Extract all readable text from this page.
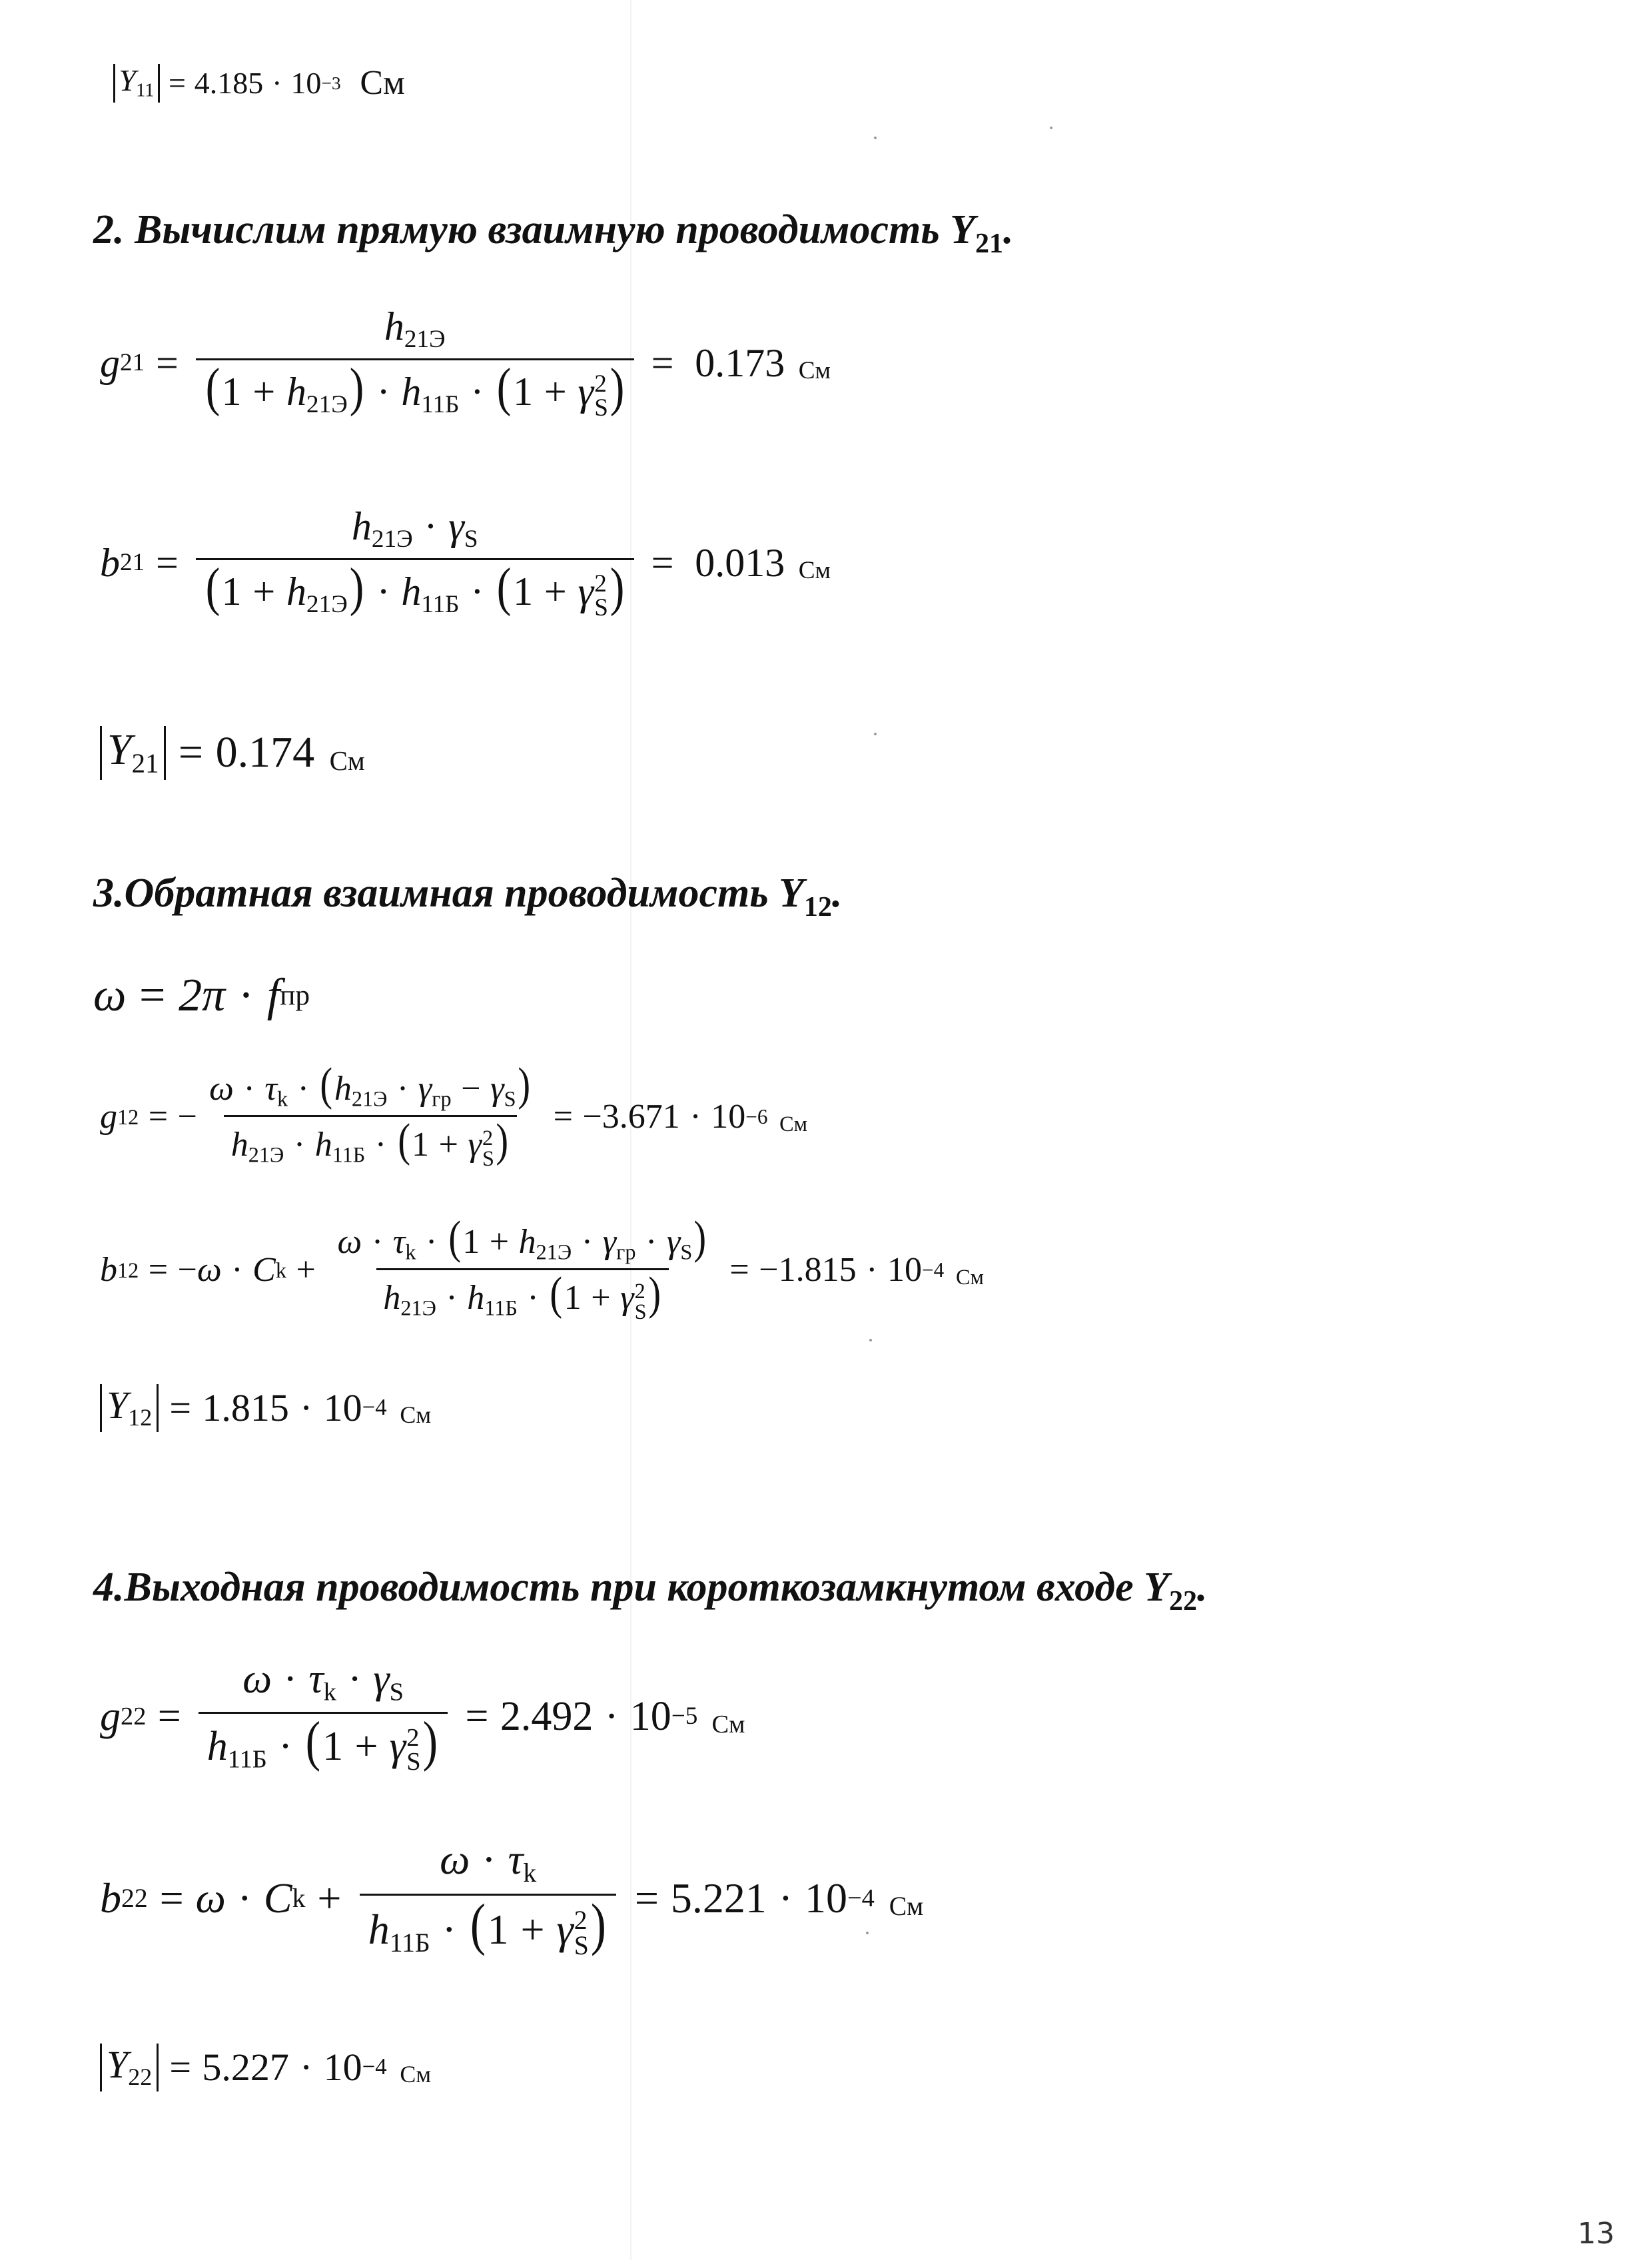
$Y_{11} = 4.185 \cdot 10 -3$ См
2. Вычислим прямую взаимную проводимость $Y_{21}$.
g $21 = h_{21Э}$
$(1 + h_{21Э}) \cdot h_{11Б} \cdot (1 + \gamma$ 2
S ) = 0.173 См
b $21 = h_{21Э} \cdot \gamma_S$
$(1 + h_{21Э}) \cdot h_{11Б} \cdot (1 + \gamma$ 2
S ) = 0.013 См
$Y_{21} = 0.174$ См
3.Обратная взаимная проводимость $Y_{12}$.
ω = 2π · f пр
g 12 = − $\omega \cdot \tau_k \cdot (h_{21Э} \cdot \gamma_{гр} - \gamma_S)$
$h_{21Э} \cdot h_{11Б} \cdot (1 + \gamma$ 2
S ) = −3.671 · 10 −6 См
b 12 = − ω · C $k + \omega \cdot \tau_k \cdot (1 + h_{21Э} \cdot \gamma_{гр} \cdot \gamma_S)$
$h_{21Э} \cdot h_{11Б} \cdot (1 + \gamma$ 2
S ) = −1.815 · 10 −4 См
$Y_{12} = 1.815 \cdot 10 -4$ См
4.Выходная проводимость при короткозамкнутом входе $Y_{22}$.
g $22 = \omega \cdot \tau_k \cdot \gamma_S$
$h_{11Б} \cdot (1 + \gamma$ 2
S ) = 2.492 · 10 −5 См
b 22 = ω · C $k + \omega \cdot \tau_k$
$h_{11Б} \cdot (1 + \gamma$ 2
S ) = 5.221 · 10 −4 См
$Y_{22} = 5.227 \cdot 10 -4$ См
13
